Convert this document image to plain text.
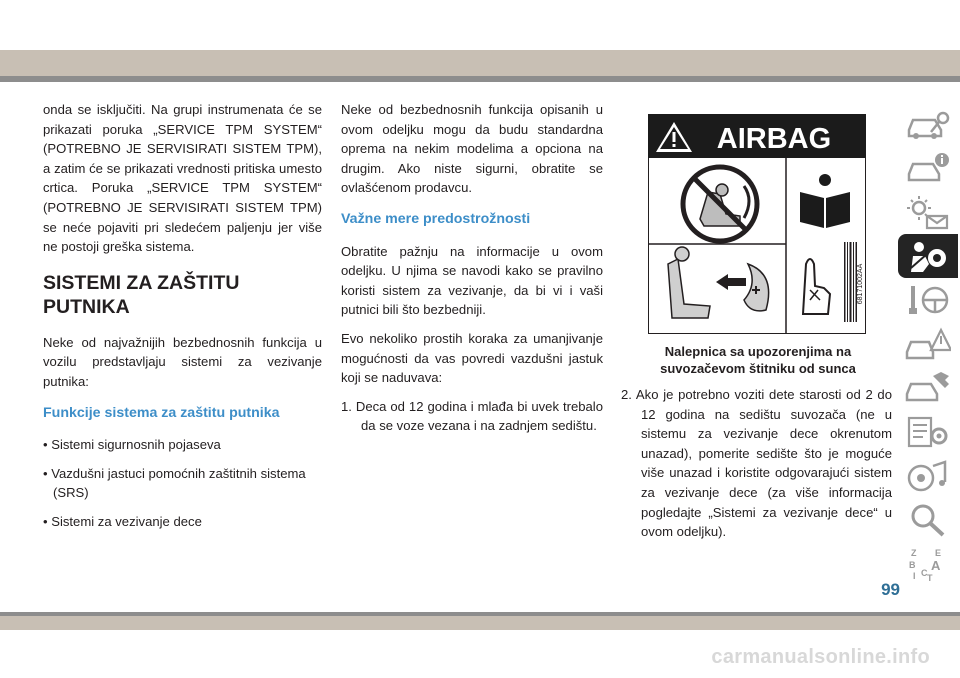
onda se isključiti. Na grupi instrumenata će se prikazati poruka „SERVICE TPM SYSTEM“ (POTREBNO JE SERVISIRATI SISTEM TPM), a zatim će se prikazati vrednosti pritiska umesto crtica. Poruka „SERVICE TPM SYSTEM“ (POTREBNO JE SERVISIRATI SISTEM TPM) se neće pojaviti pri sledećem paljenju jer više ne postoji greška sistema.

SISTEMI ZA ZAŠTITU
PUTNIKA

Neke od najvažnijih bezbednosnih funkcija u vozilu predstavljaju sistemi za vezivanje putnika:

Funkcije sistema za zaštitu putnika

• Sistemi sigurnosnih pojaseva

• Vazdušni jastuci pomoćnih zaštitnih sistema (SRS)

• Sistemi za vezivanje dece

Neke od bezbednosnih funkcija opisanih u ovom odeljku mogu da budu standardna oprema na nekim modelima a opciona na drugim. Ako niste sigurni, obratite se ovlašćenom prodavcu.

Važne mere predostrožnosti

Obratite pažnju na informacije u ovom odeljku. U njima se navodi kako se pravilno koristi sistem za vezivanje, da bi vi i vaši putnici bili što bezbedniji.

Evo nekoliko prostih koraka za umanjivanje mogućnosti da vas povredi vazdušni jastuk koji se naduvava:

1. Deca od 12 godina i mlađa bi uvek trebalo da se voze vezana i na zadnjem sedištu.

AIRBAG
68171002AA
Nalepnica sa upozorenjima na
suvozačevom štitniku od sunca

2. Ako je potrebno voziti dete starosti od 2 do 12 godina na sedištu suvozača (ne u sistemu za vezivanje dece okrenutom unazad), pomerite sedište što je moguće više unazad i koristite odgovarajući sistem za vezivanje dece (za više informacija pogledajte „Sistemi za vezivanje dece“ u ovom odeljku).

Z E
B A
I C T
99
carmanualsonline.info
